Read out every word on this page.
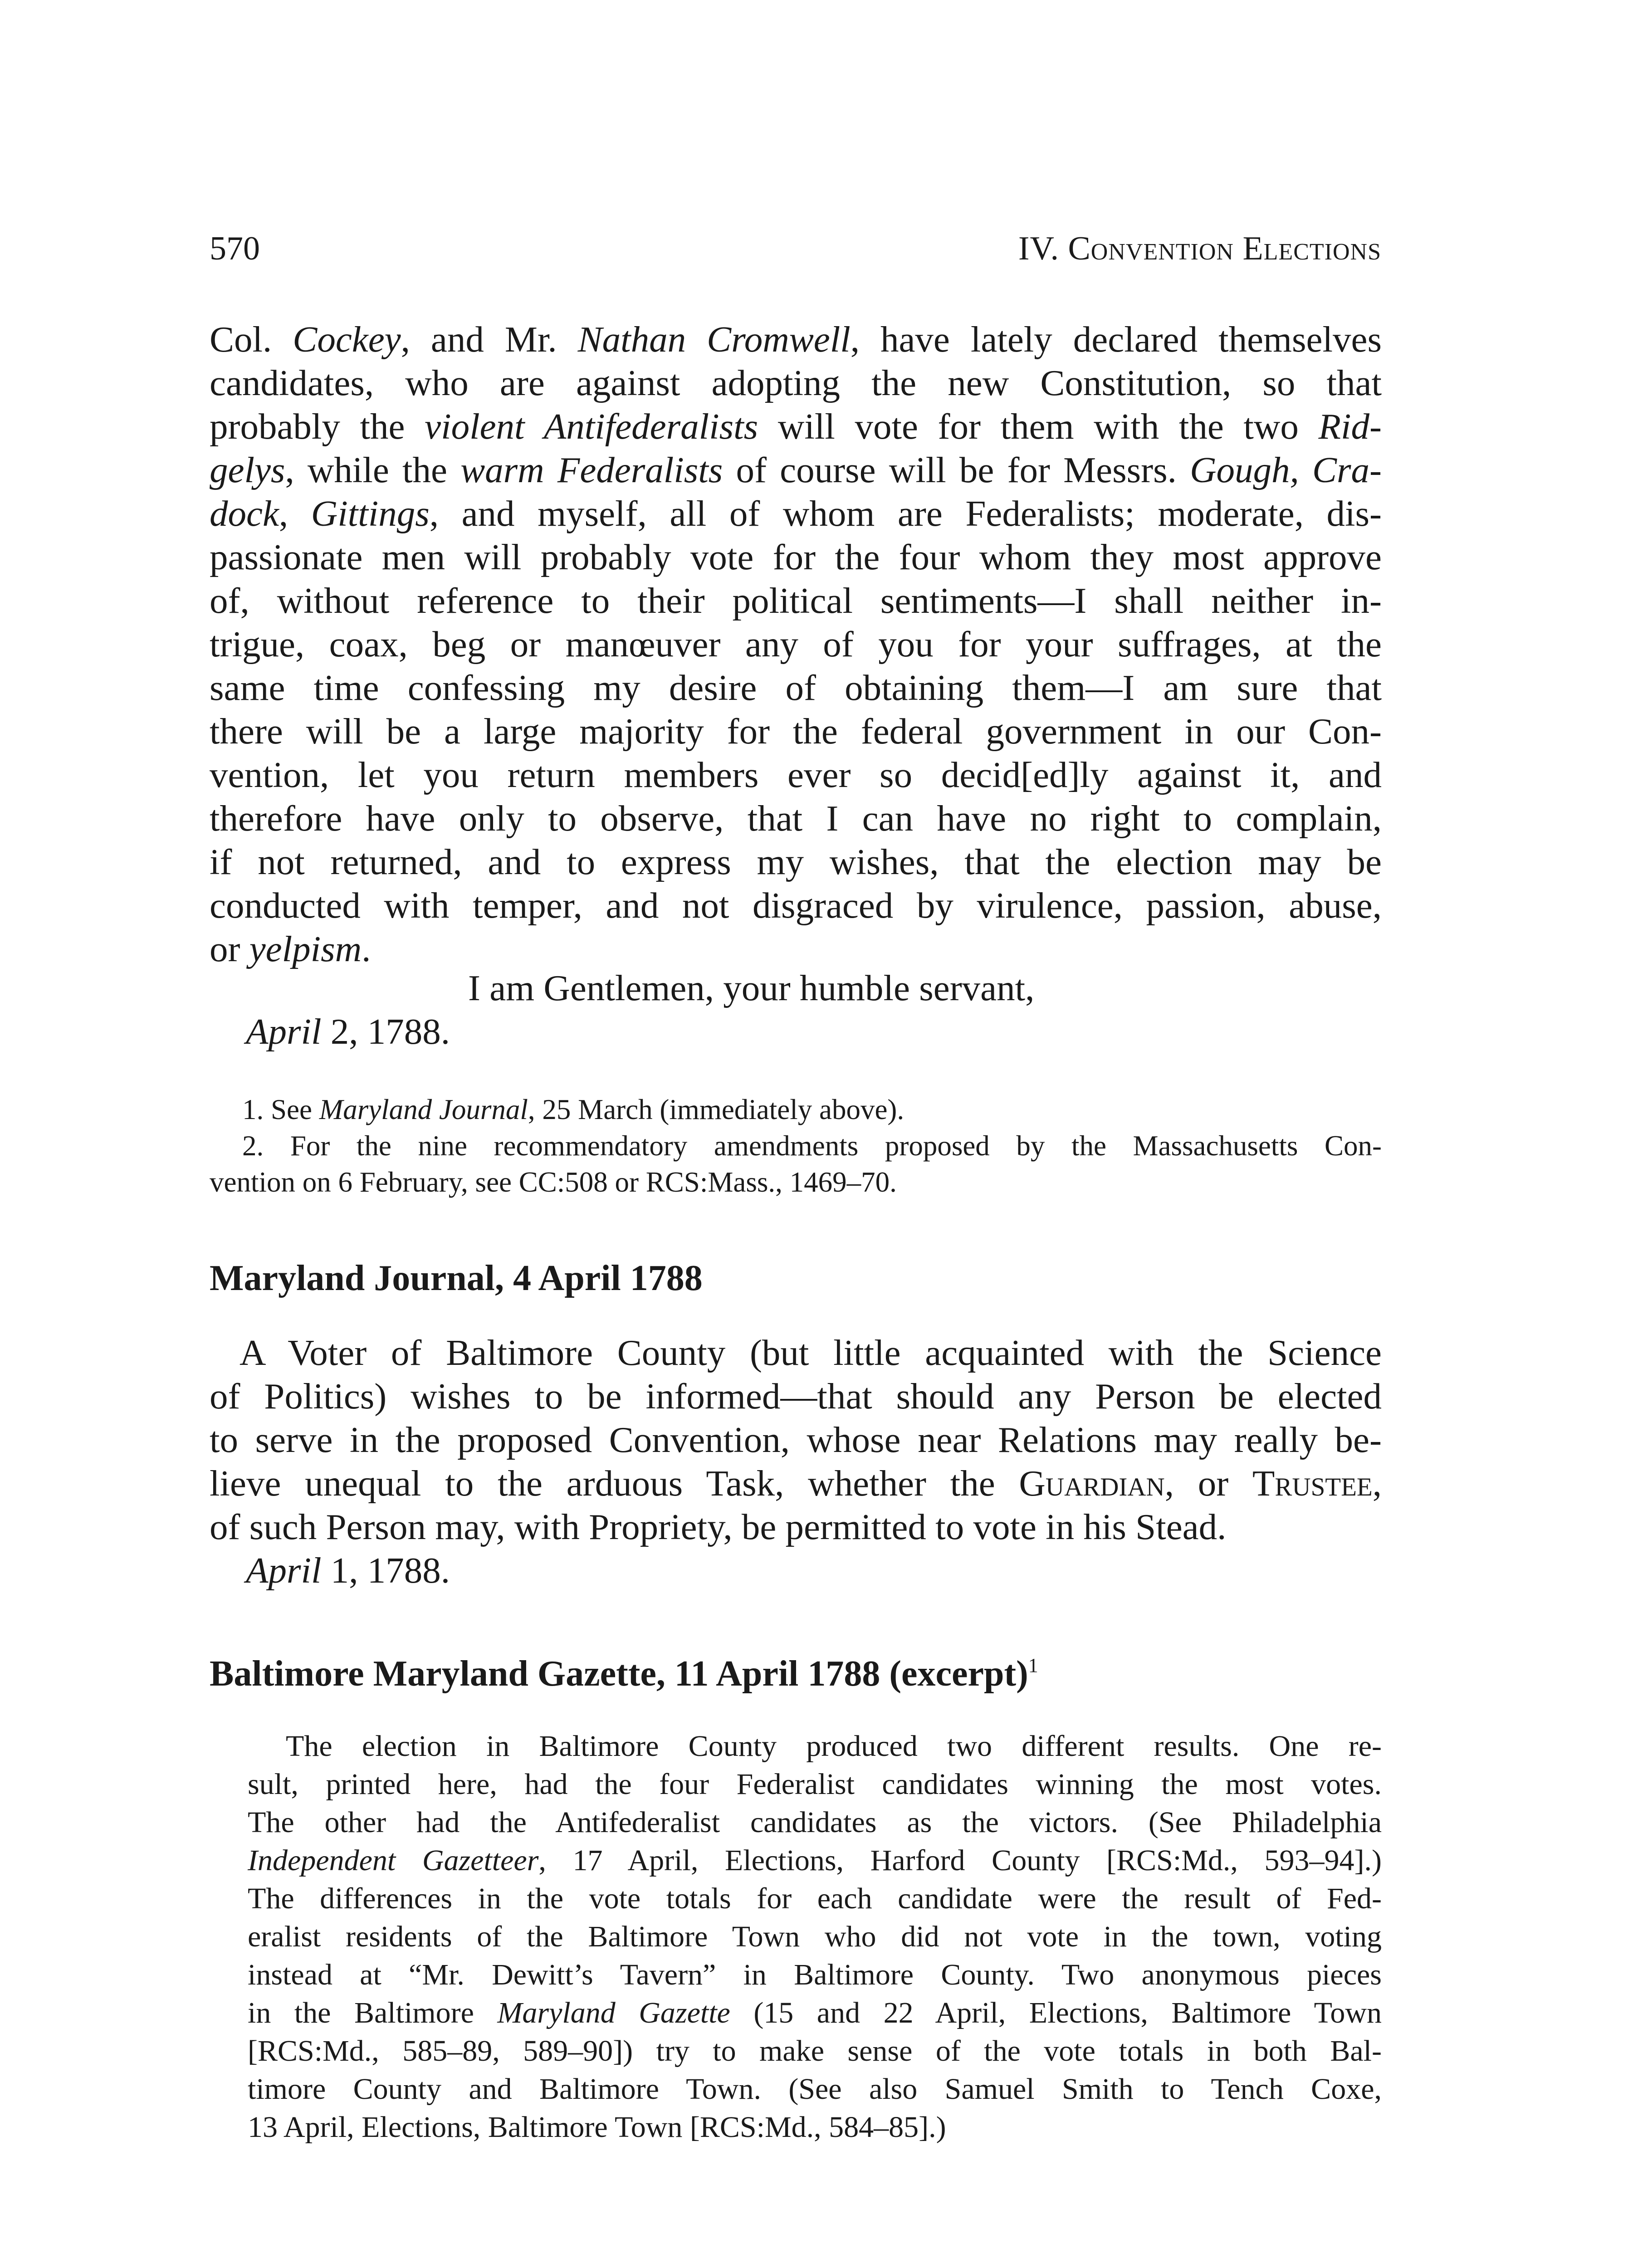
570	IV. Convention Elections

Col. Cockey, and Mr. Nathan Cromwell, have lately declared themselves
candidates, who are against adopting the new Constitution, so that
probably the violent Antifederalists will vote for them with the two Rid-
gelys, while the warm Federalists of course will be for Messrs. Gough, Cra-
dock, Gittings, and myself, all of whom are Federalists; moderate, dis-
passionate men will probably vote for the four whom they most approve
of, without reference to their political sentiments—I shall neither in-
trigue, coax, beg or manœuver any of you for your suffrages, at the
same time confessing my desire of obtaining them—I am sure that
there will be a large majority for the federal government in our Con-
vention, let you return members ever so decid[ed]ly against it, and
therefore have only to observe, that I can have no right to complain,
if not returned, and to express my wishes, that the election may be
conducted with temper, and not disgraced by virulence, passion, abuse,
or yelpism.

I am Gentlemen, your humble servant,

April 2, 1788.

1. See Maryland Journal, 25 March (immediately above).
2. For the nine recommendatory amendments proposed by the Massachusetts Con-
vention on 6 February, see CC:508 or RCS:Mass., 1469–70.

Maryland Journal, 4 April 1788

A Voter of Baltimore County (but little acquainted with the Science
of Politics) wishes to be informed—that should any Person be elected
to serve in the proposed Convention, whose near Relations may really be-
lieve unequal to the arduous Task, whether the Guardian, or Trustee,
of such Person may, with Propriety, be permitted to vote in his Stead.

April 1, 1788.

Baltimore Maryland Gazette, 11 April 1788 (excerpt)$^1$

The election in Baltimore County produced two different results. One re-
sult, printed here, had the four Federalist candidates winning the most votes.
The other had the Antifederalist candidates as the victors. (See Philadelphia
Independent Gazetteer, 17 April, Elections, Harford County [RCS:Md., 593–94].)
The differences in the vote totals for each candidate were the result of Fed-
eralist residents of the Baltimore Town who did not vote in the town, voting
instead at “Mr. Dewitt’s Tavern” in Baltimore County. Two anonymous pieces
in the Baltimore Maryland Gazette (15 and 22 April, Elections, Baltimore Town
[RCS:Md., 585–89, 589–90]) try to make sense of the vote totals in both Bal-
timore County and Baltimore Town. (See also Samuel Smith to Tench Coxe,
13 April, Elections, Baltimore Town [RCS:Md., 584–85].)
